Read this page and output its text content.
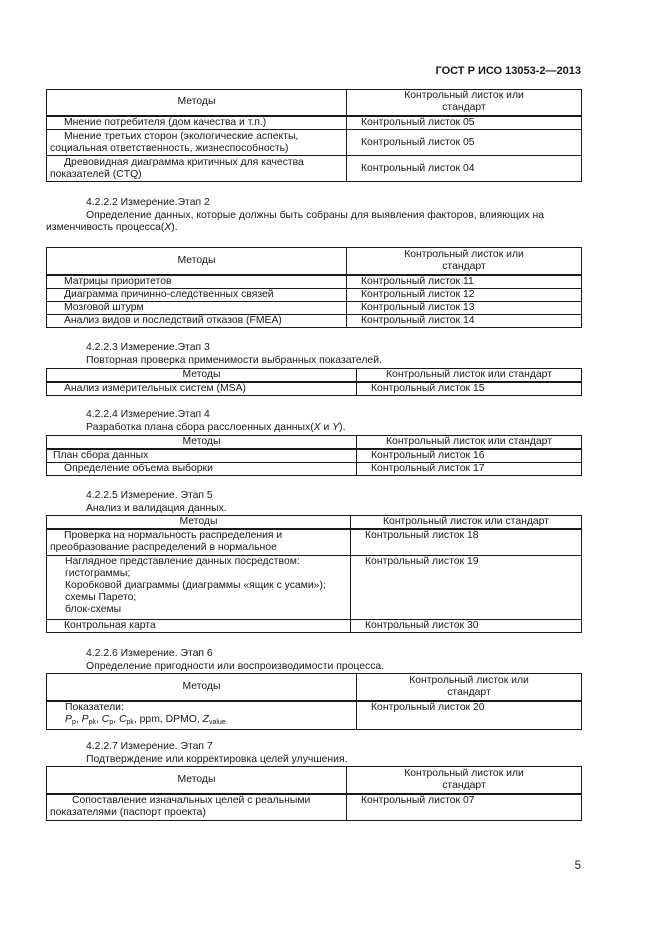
ГОСТ Р ИСО 13053-2—2013
Методы	Контрольный листок или стандарт
Мнение потребителя (дом качества и т.п.)	Контрольный листок 05
Мнение третьих сторон (экологические аспекты, социальная ответственность, жизнеспособность)	Контрольный листок 05
Древовидная диаграмма критичных для качества показателей (CTQ)	Контрольный листок 04

4.2.2.2 Измерение.Этап 2

Определение данных, которые должны быть собраны для выявления факторов, влияющих на изменчивость процесса(X).

Методы	Контрольный листок или стандарт
Матрицы приоритетов	Контрольный листок 11
Диаграмма причинно-следственных связей	Контрольный листок 12
Мозговой штурм	Контрольный листок 13
Анализ видов и последствий отказов (FMEA)	Контрольный листок 14

4.2.2.3 Измерение.Этап 3

Повторная проверка применимости выбранных показателей.

Методы	Контрольный листок или стандарт
Анализ измерительных систем (MSA)	Контрольный листок 15

4.2.2.4 Измерение.Этап 4

Разработка плана сбора расслоенных данных(X и Y).

Методы	Контрольный листок или стандарт
План сбора данных	Контрольный листок 16
Определение объема выборки	Контрольный листок 17

4.2.2.5 Измерение. Этап 5

Анализ и валидация данных.

Методы	Контрольный листок или стандарт
Проверка на нормальность распределения и преобразование распределений в нормальное	Контрольный листок 18

Наглядное представление данных посредством:
гистограммы;
Коробковой диаграммы (диаграммы «ящик с усами»);
схемы Парето;
блок-схемы	Контрольный листок 19
Контрольная карта	Контрольный листок 30

4.2.2.6 Измерение. Этап 6

Определение пригодности или воспроизводимости процесса.

Методы	Контрольный листок или стандарт

Показатели:
$P_p$, $P_{pk}$, $C_p$, $C_{pk}$, ppm, DPMO, $Z_{value}$	Контрольный листок 20

4.2.2.7 Измерение. Этап 7

Подтверждение или корректировка целей улучшения.

Методы	Контрольный листок или стандарт
Сопоставление изначальных целей с реальными показателями (паспорт проекта)	Контрольный листок 07
5
